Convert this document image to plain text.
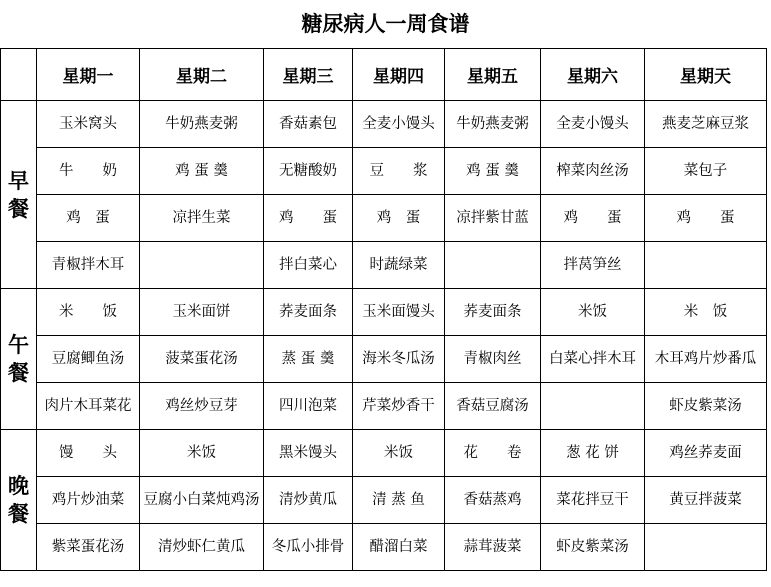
糖尿病人一周食谱
	星期一	星期二	星期三	星期四	星期五	星期六	星期天

早
餐	玉米窝头	牛奶燕麦粥	香菇素包	全麦小馒头	牛奶燕麦粥	全麦小馒头	燕麦芝麻豆浆
	牛　　奶	鸡 蛋 羹	无糖酸奶	豆　　浆	鸡 蛋 羹	榨菜肉丝汤	菜包子
	鸡　蛋	凉拌生菜	鸡　　蛋	鸡　蛋	凉拌紫甘蓝	鸡　　蛋	鸡　　蛋
	青椒拌木耳		拌白菜心	时蔬绿菜		拌莴笋丝	

午
餐	米　　饭	玉米面饼	荞麦面条	玉米面馒头	荞麦面条	米饭	米　饭
	豆腐鲫鱼汤	菠菜蛋花汤	蒸 蛋 羹	海米冬瓜汤	青椒肉丝	白菜心拌木耳	木耳鸡片炒番瓜
	肉片木耳菜花	鸡丝炒豆芽	四川泡菜	芹菜炒香干	香菇豆腐汤		虾皮紫菜汤

晚
餐	馒　　头	米饭	黑米馒头	米饭	花　　卷	葱 花 饼	鸡丝荞麦面
	鸡片炒油菜	豆腐小白菜炖鸡汤	清炒黄瓜	清 蒸 鱼	香菇蒸鸡	菜花拌豆干	黄豆拌菠菜
	紫菜蛋花汤	清炒虾仁黄瓜	冬瓜小排骨	醋溜白菜	蒜茸菠菜	虾皮紫菜汤	
